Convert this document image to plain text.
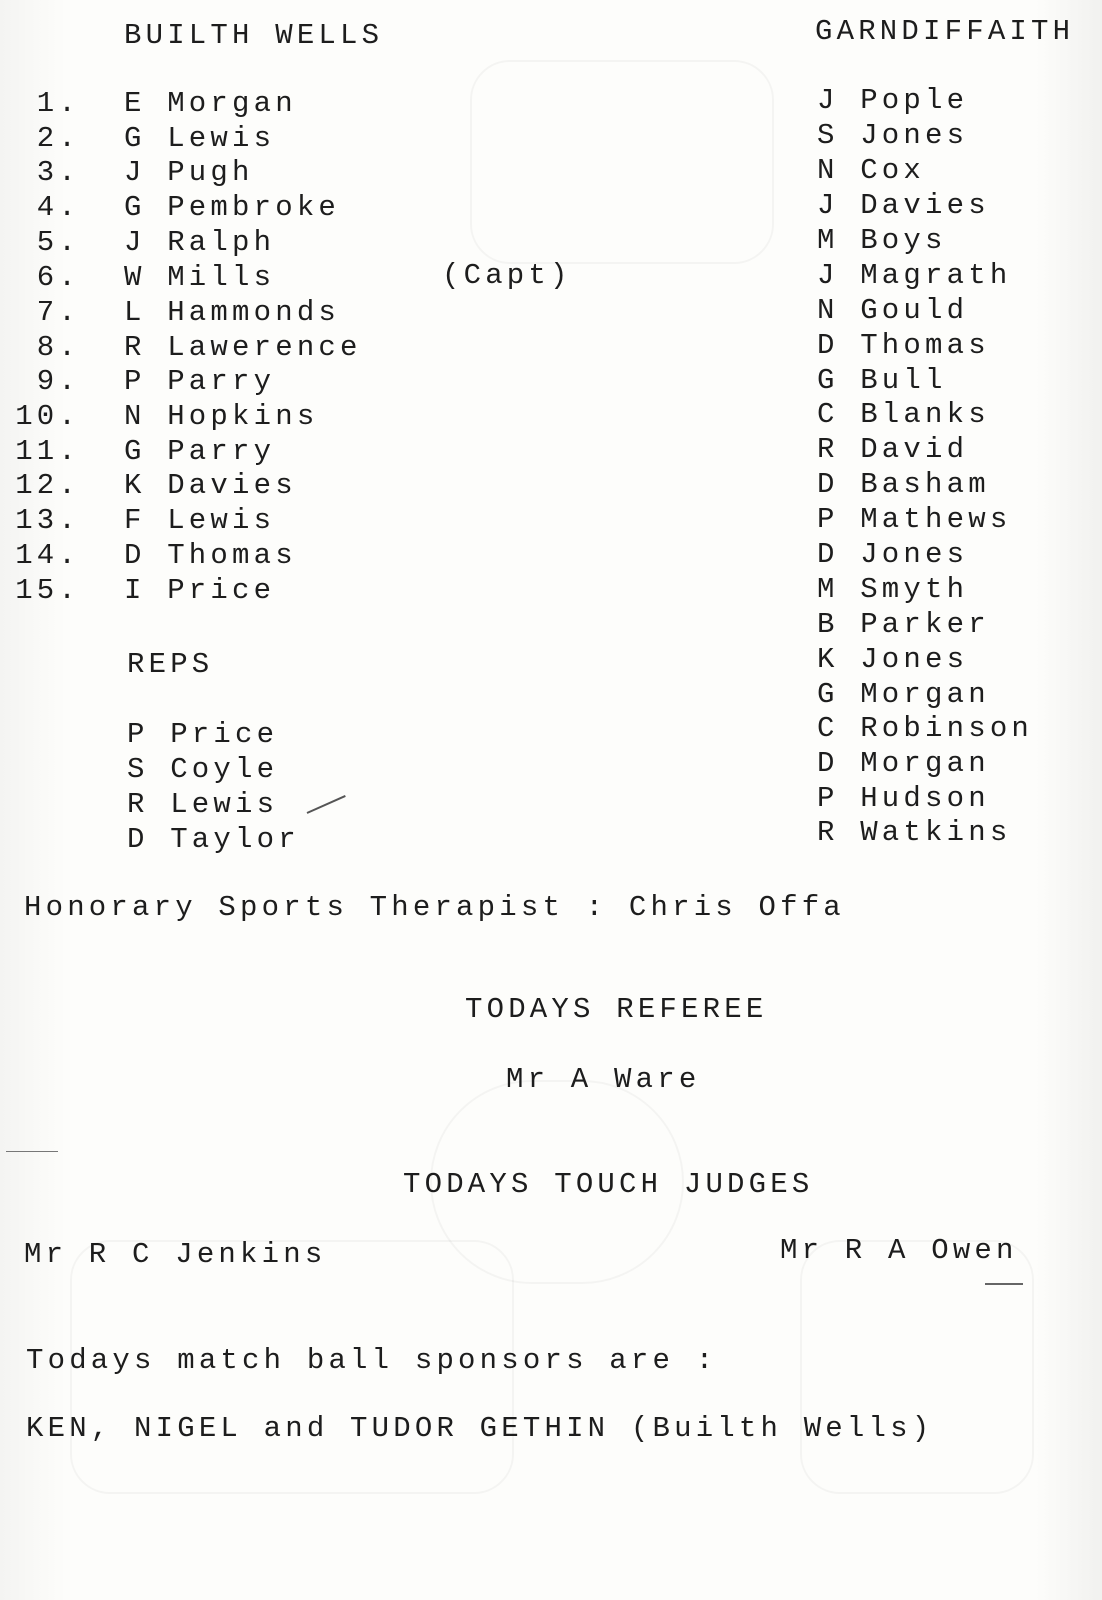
BUILTH WELLS	GARNDIFFAITH
1.
2.
3.
4.
5.
6.
7.
8.
9.
10.
11.
12.
13.
14.
15.
E Morgan
G Lewis
J Pugh
G Pembroke
J Ralph
W Mills
L Hammonds
R Lawerence
P Parry
N Hopkins
G Parry
K Davies
F Lewis
D Thomas
I Price
(Capt)
REPS
P Price
S Coyle
R Lewis
D Taylor
J Pople
S Jones
N Cox
J Davies
M Boys
J Magrath
N Gould
D Thomas
G Bull
C Blanks
R David
D Basham
P Mathews
D Jones
M Smyth
B Parker
K Jones
G Morgan
C Robinson
D Morgan
P Hudson
R Watkins
Honorary Sports Therapist : Chris Offa
TODAYS REFEREE
Mr A Ware
TODAYS TOUCH JUDGES
Mr R C Jenkins	Mr R A Owen
Todays match ball sponsors are :
KEN, NIGEL and TUDOR GETHIN (Builth Wells)
